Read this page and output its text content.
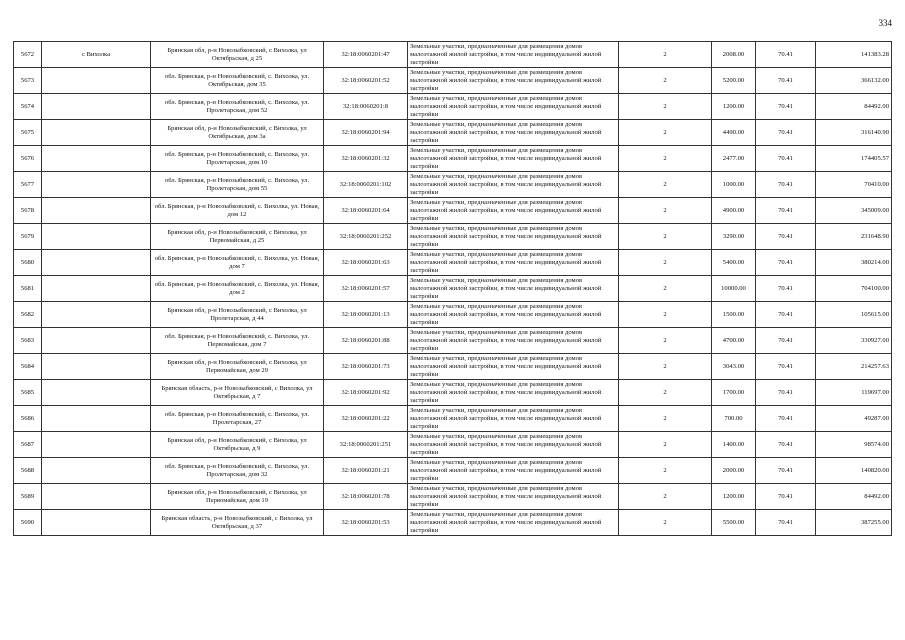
334
5672	с Вихолка	Брянская обл, р-н Новозыбковский, с Вихолка, ул Октябрьская, д 25	32:18:0060201:47	Земельные участки, предназначенные для размещения домов малоэтажной жилой застройки, в том числе индивидуальной жилой застройки	2	2008.00	70.41	141383.28
5673		обл. Брянская, р-н Новозыбковский, с. Вихолка, ул. Октябрьская, дом 35	32:18:0060201:52	Земельные участки, предназначенные для размещения домов малоэтажной жилой застройки, в том числе индивидуальной жилой застройки	2	5200.00	70.41	366132.00
5674		обл. Брянская, р-н Новозыбковский, с. Вихолка, ул. Пролетарская, дом 52	32:18:0060201:8	Земельные участки, предназначенные для размещения домов малоэтажной жилой застройки, в том числе индивидуальной жилой застройки	2	1200.00	70.41	84492.00
5675		Брянская обл, р-н Новозыбковский, с Вихолка, ул Октябрьская, дом 3а	32:18:0060201:94	Земельные участки, предназначенные для размещения домов малоэтажной жилой застройки, в том числе индивидуальной жилой застройки	2	4490.00	70.41	316140.90
5676		обл. Брянская, р-н Новозыбковский, с. Вихолка, ул. Пролетарская, дом 10	32:18:0060201:32	Земельные участки, предназначенные для размещения домов малоэтажной жилой застройки, в том числе индивидуальной жилой застройки	2	2477.00	70.41	174405.57
5677		обл. Брянская, р-н Новозыбковский, с. Вихолка, ул. Пролетарская, дом 55	32:18:0060201:102	Земельные участки, предназначенные для размещения домов малоэтажной жилой застройки, в том числе индивидуальной жилой застройки	2	1000.00	70.41	70410.00
5678		обл. Брянская, р-н Новозыбковский, с. Вихолка, ул. Новая, дом 12	32:18:0060201:64	Земельные участки, предназначенные для размещения домов малоэтажной жилой застройки, в том числе индивидуальной жилой застройки	2	4900.00	70.41	345009.00
5679		Брянская обл, р-н Новозыбковский, с Вихолка, ул Первомайская, д 25	32:18:0060201:252	Земельные участки, предназначенные для размещения домов малоэтажной жилой застройки, в том числе индивидуальной жилой застройки	2	3290.00	70.41	231648.90
5680		обл. Брянская, р-н Новозыбковский, с. Вихолка, ул. Новая, дом 7	32:18:0060201:63	Земельные участки, предназначенные для размещения домов малоэтажной жилой застройки, в том числе индивидуальной жилой застройки	2	5400.00	70.41	380214.00
5681		обл. Брянская, р-н Новозыбковский, с. Вихолка, ул. Новая, дом 2	32:18:0060201:57	Земельные участки, предназначенные для размещения домов малоэтажной жилой застройки, в том числе индивидуальной жилой застройки	2	10000.00	70.41	704100.00
5682		Брянская обл, р-н Новозыбковский, с Вихолка, ул Пролетарская, д 44	32:18:0060201:13	Земельные участки, предназначенные для размещения домов малоэтажной жилой застройки, в том числе индивидуальной жилой застройки	2	1500.00	70.41	105615.00
5683		обл. Брянская, р-н Новозыбковский, с. Вихолка, ул. Первомайская, дом 7	32:18:0060201:88	Земельные участки, предназначенные для размещения домов малоэтажной жилой застройки, в том числе индивидуальной жилой застройки	2	4700.00	70.41	330927.00
5684		Брянская обл, р-н Новозыбковский, с Вихолка, ул Первомайская, дом 29	32:18:0060201:73	Земельные участки, предназначенные для размещения домов малоэтажной жилой застройки, в том числе индивидуальной жилой застройки	2	3043.00	70.41	214257.63
5685		Брянская область, р-н Новозыбковский, с Вихолка, ул Октябрьская, д 7	32:18:0060201:92	Земельные участки, предназначенные для размещения домов малоэтажной жилой застройки, в том числе индивидуальной жилой застройки	2	1700.00	70.41	119697.00
5686		обл. Брянская, р-н Новозыбковский, с. Вихолка, ул. Пролетарская, 27	32:18:0060201:22	Земельные участки, предназначенные для размещения домов малоэтажной жилой застройки, в том числе индивидуальной жилой застройки	2	700.00	70.41	49287.00
5687		Брянская обл, р-н Новозыбковский, с Вихолка, ул Октябрьская, д 9	32:18:0060201:251	Земельные участки, предназначенные для размещения домов малоэтажной жилой застройки, в том числе индивидуальной жилой застройки	2	1400.00	70.41	98574.00
5688		обл. Брянская, р-н Новозыбковский, с. Вихолка, ул. Пролетарская, дом 32	32:18:0060201:21	Земельные участки, предназначенные для размещения домов малоэтажной жилой застройки, в том числе индивидуальной жилой застройки	2	2000.00	70.41	140820.00
5689		Брянская обл, р-н Новозыбковский, с Вихолка, ул Первомайская, дом 19	32:18:0060201:78	Земельные участки, предназначенные для размещения домов малоэтажной жилой застройки, в том числе индивидуальной жилой застройки	2	1200.00	70.41	84492.00
5690		Брянская область, р-н Новозыбковский, с Вихолка, ул Октябрьская, д 37	32:18:0060201:53	Земельные участки, предназначенные для размещения домов малоэтажной жилой застройки, в том числе индивидуальной жилой застройки	2	5500.00	70.41	387255.00
